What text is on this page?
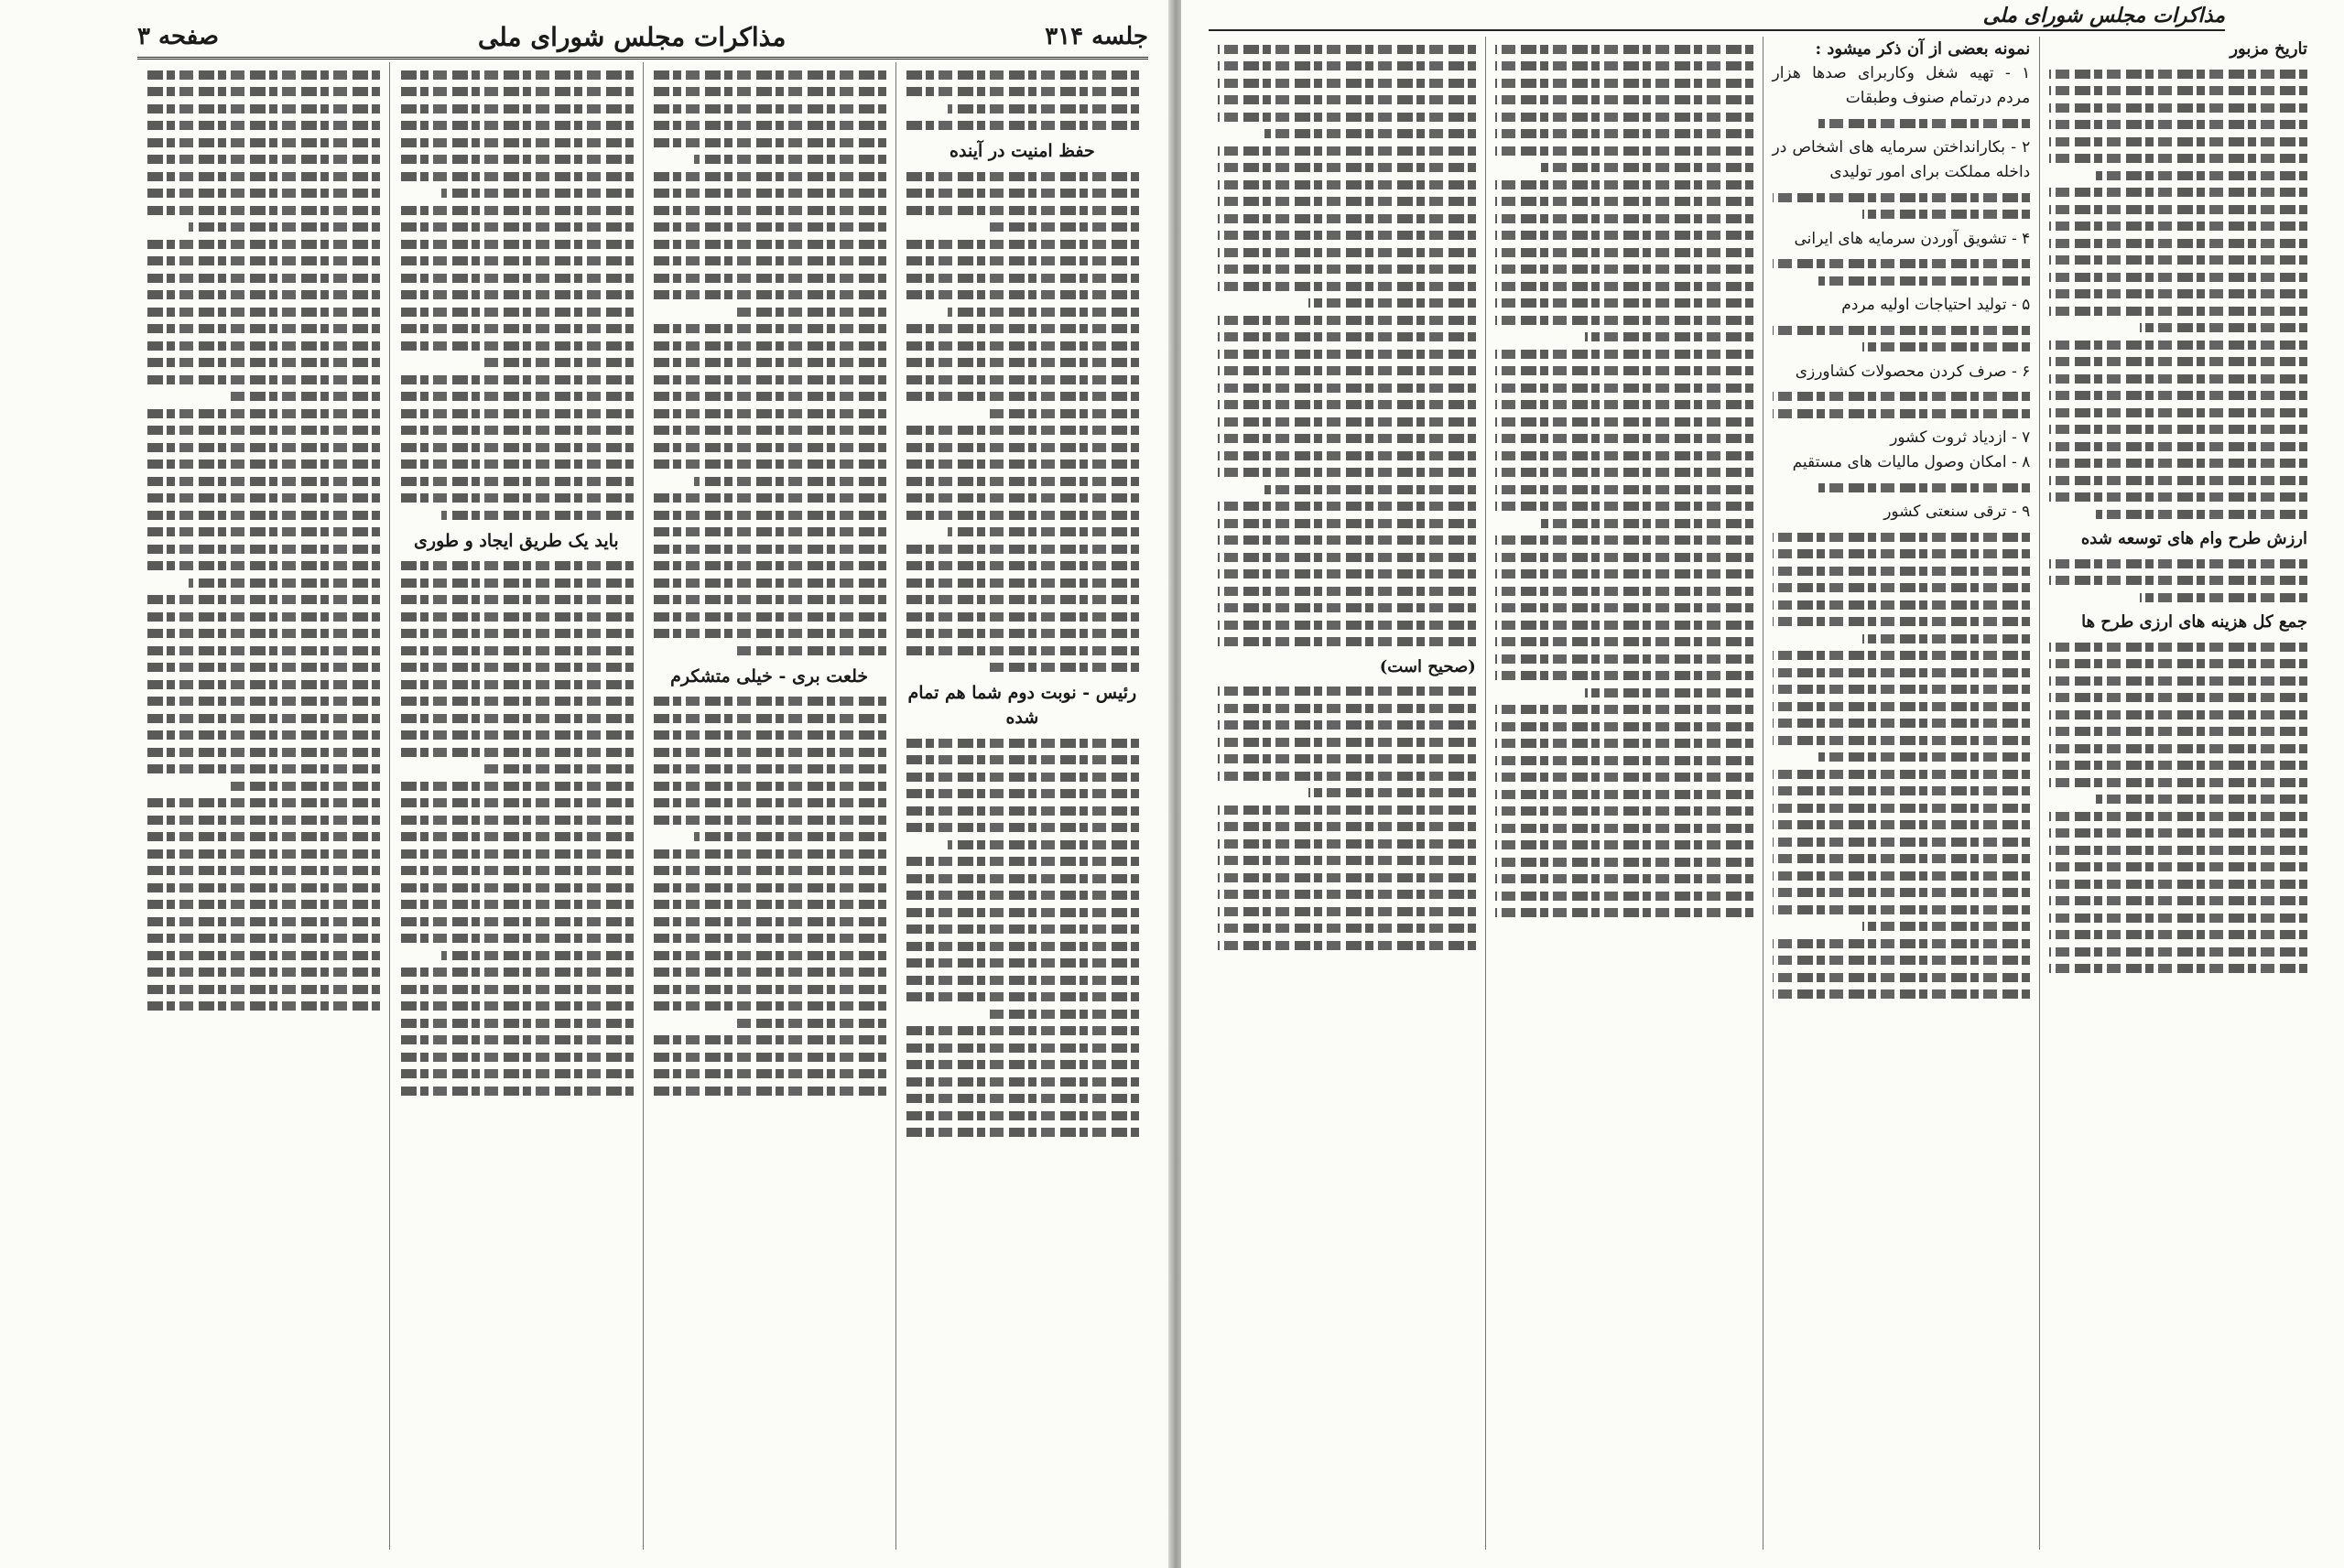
جلسه ۳۱۴
مذاکرات مجلس شورای ملی
صفحه ۳
حفظ امنیت در آینده
رئیس - نوبت دوم شما هم تمام شده
خلعت بری - خیلی متشکرم
باید یک طریق ایجاد و طوری
مذاکرات مجلس شورای ملی

تاریخ مزبور

ارزش طرح وام های توسعه شده

جمع کل هزینه های ارزی طرح ها

نمونه بعضی از آن ذکر میشود :

۱ - تهیه شغل وکاربرای صدها هزار مردم درتمام صنوف وطبقات

۲ - بکارانداختن سرمایه های اشخاص در داخله مملکت برای امور تولیدی

۴ - تشویق آوردن سرمایه های ایرانی

۵ - تولید احتیاجات اولیه مردم

۶ - صرف کردن محصولات کشاورزی

۷ - ازدیاد ثروت کشور

۸ - امکان وصول مالیات های مستقیم

۹ - ترقی سنعتی کشور

(صحیح است)
